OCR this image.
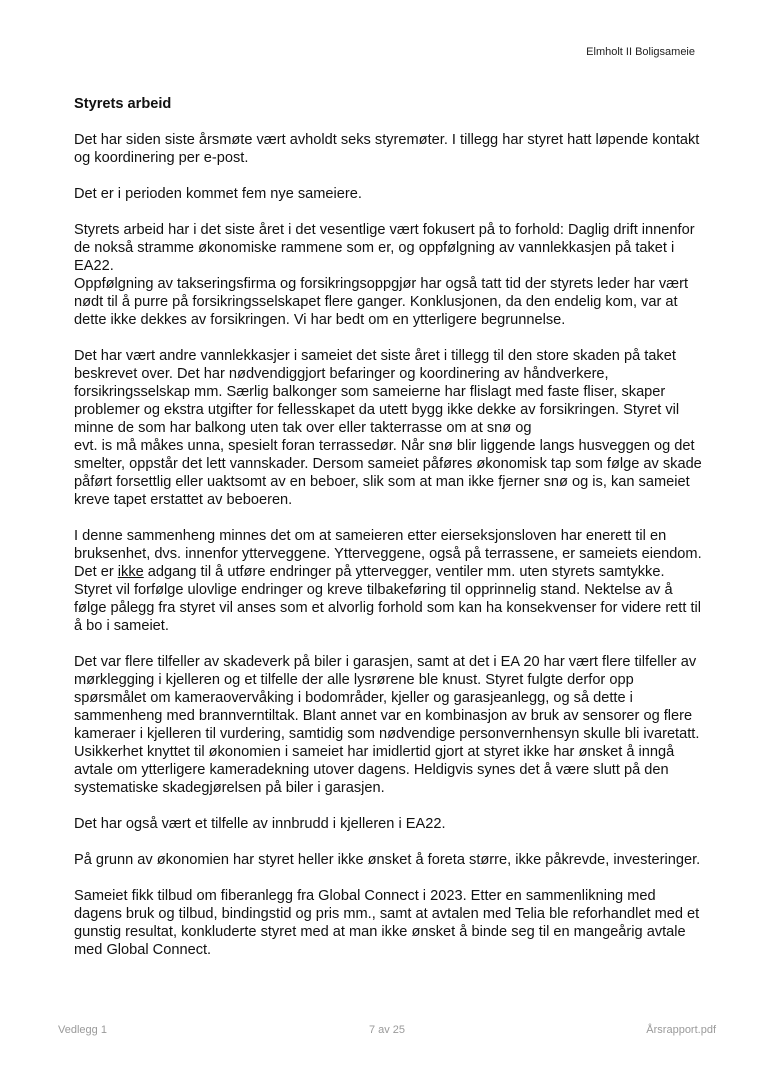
Elmholt II Boligsameie
Styrets arbeid

Det har siden siste årsmøte vært avholdt seks styremøter. I tillegg har styret hatt løpende kontakt og koordinering per e-post.

Det er i perioden kommet fem nye sameiere.

Styrets arbeid har i det siste året i det vesentlige vært fokusert på to forhold: Daglig drift innenfor de nokså stramme økonomiske rammene som er, og oppfølgning av vannlekkasjen på taket i EA22.

Oppfølgning av takseringsfirma og forsikringsoppgjør har også tatt tid der styrets leder har vært nødt til å purre på forsikringsselskapet flere ganger. Konklusjonen, da den endelig kom, var at dette ikke dekkes av forsikringen. Vi har bedt om en ytterligere begrunnelse.

Det har vært andre vannlekkasjer i sameiet det siste året i tillegg til den store skaden på taket beskrevet over. Det har nødvendiggjort befaringer og koordinering av håndverkere, forsikringsselskap mm. Særlig balkonger som sameierne har flislagt med faste fliser, skaper problemer og ekstra utgifter for fellesskapet da utett bygg ikke dekke av forsikringen. Styret vil minne de som har balkong uten tak over eller takterrasse om at snø og

evt. is må måkes unna, spesielt foran terrassedør. Når snø blir liggende langs husveggen og det smelter, oppstår det lett vannskader. Dersom sameiet påføres økonomisk tap som følge av skade påført forsettlig eller uaktsomt av en beboer, slik som at man ikke fjerner snø og is, kan sameiet kreve tapet erstattet av beboeren.

I denne sammenheng minnes det om at sameieren etter eierseksjonsloven har enerett til en bruksenhet, dvs. innenfor ytterveggene. Ytterveggene, også på terrassene, er sameiets eiendom. Det er ikke adgang til å utføre endringer på yttervegger, ventiler mm. uten styrets samtykke. Styret vil forfølge ulovlige endringer og kreve tilbakeføring til opprinnelig stand. Nektelse av å følge pålegg fra styret vil anses som et alvorlig forhold som kan ha konsekvenser for videre rett til å bo i sameiet.

Det var flere tilfeller av skadeverk på biler i garasjen, samt at det i EA 20 har vært flere tilfeller av mørklegging i kjelleren og et tilfelle der alle lysrørene ble knust. Styret fulgte derfor opp spørsmålet om kameraovervåking i bodområder, kjeller og garasjeanlegg, og så dette i sammenheng med brannverntiltak. Blant annet var en kombinasjon av bruk av sensorer og flere kameraer i kjelleren til vurdering, samtidig som nødvendige personvernhensyn skulle bli ivaretatt. Usikkerhet knyttet til økonomien i sameiet har imidlertid gjort at styret ikke har ønsket å inngå avtale om ytterligere kameradekning utover dagens. Heldigvis synes det å være slutt på den systematiske skadegjørelsen på biler i garasjen.

Det har også vært et tilfelle av innbrudd i kjelleren i EA22.

På grunn av økonomien har styret heller ikke ønsket å foreta større, ikke påkrevde, investeringer.

Sameiet fikk tilbud om fiberanlegg fra Global Connect i 2023. Etter en sammenlikning med dagens bruk og tilbud, bindingstid og pris mm., samt at avtalen med Telia ble reforhandlet med et gunstig resultat, konkluderte styret med at man ikke ønsket å binde seg til en mangeårig avtale med Global Connect.

Vedlegg 1	7 av 25	Årsrapport.pdf
